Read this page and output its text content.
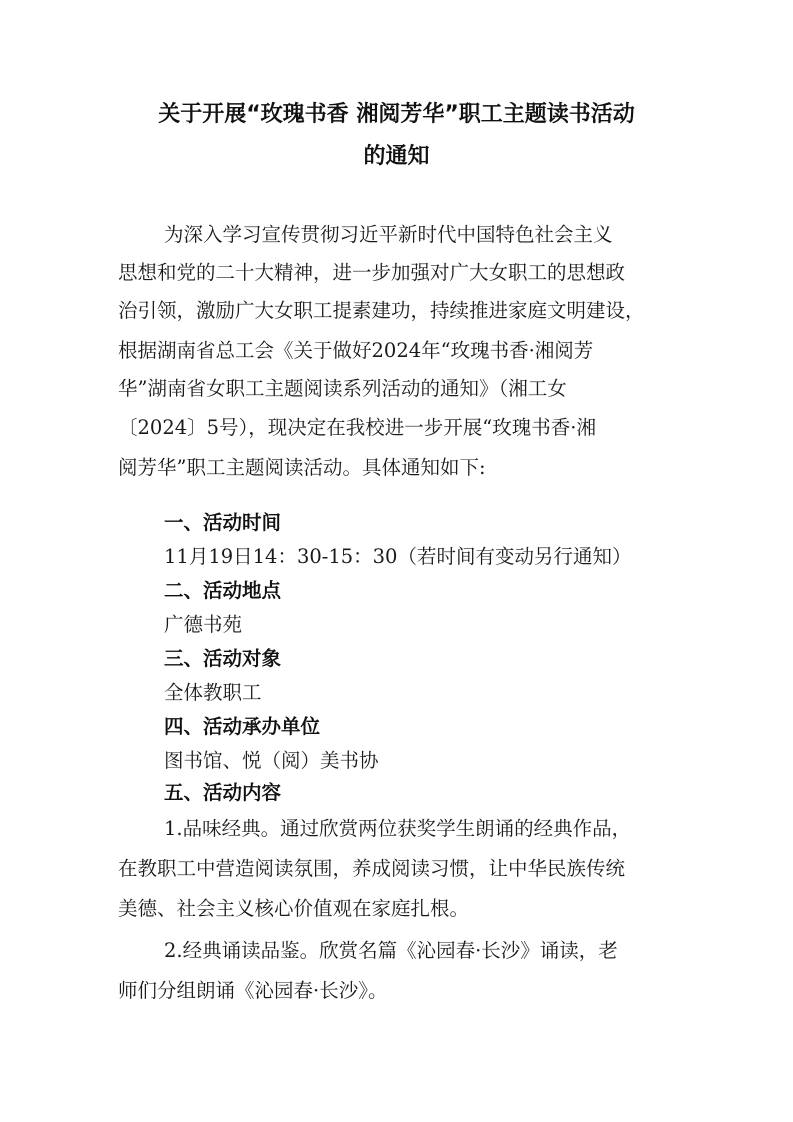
关于开展“玫瑰书香 湘阅芳华”职工主题读书活动
的通知
为深入学习宣传贯彻习近平新时代中国特色社会主义
思想和党的二十大精神，进一步加强对广大女职工的思想政
治引领，激励广大女职工提素建功，持续推进家庭文明建设，
根据湖南省总工会《关于做好2024年“玫瑰书香·湘阅芳
华”湖南省女职工主题阅读系列活动的通知》（湘工女
〔2024〕5号），现决定在我校进一步开展“玫瑰书香·湘
阅芳华”职工主题阅读活动。具体通知如下:
一、活动时间
11月19日14：30-15：30（若时间有变动另行通知）
二、活动地点
广德书苑
三、活动对象
全体教职工
四、活动承办单位
图书馆、悦（阅）美书协
五、活动内容
1.品味经典。通过欣赏两位获奖学生朗诵的经典作品，
在教职工中营造阅读氛围，养成阅读习惯，让中华民族传统
美德、社会主义核心价值观在家庭扎根。
2.经典诵读品鉴。欣赏名篇《沁园春·长沙》诵读，老
师们分组朗诵《沁园春·长沙》。
